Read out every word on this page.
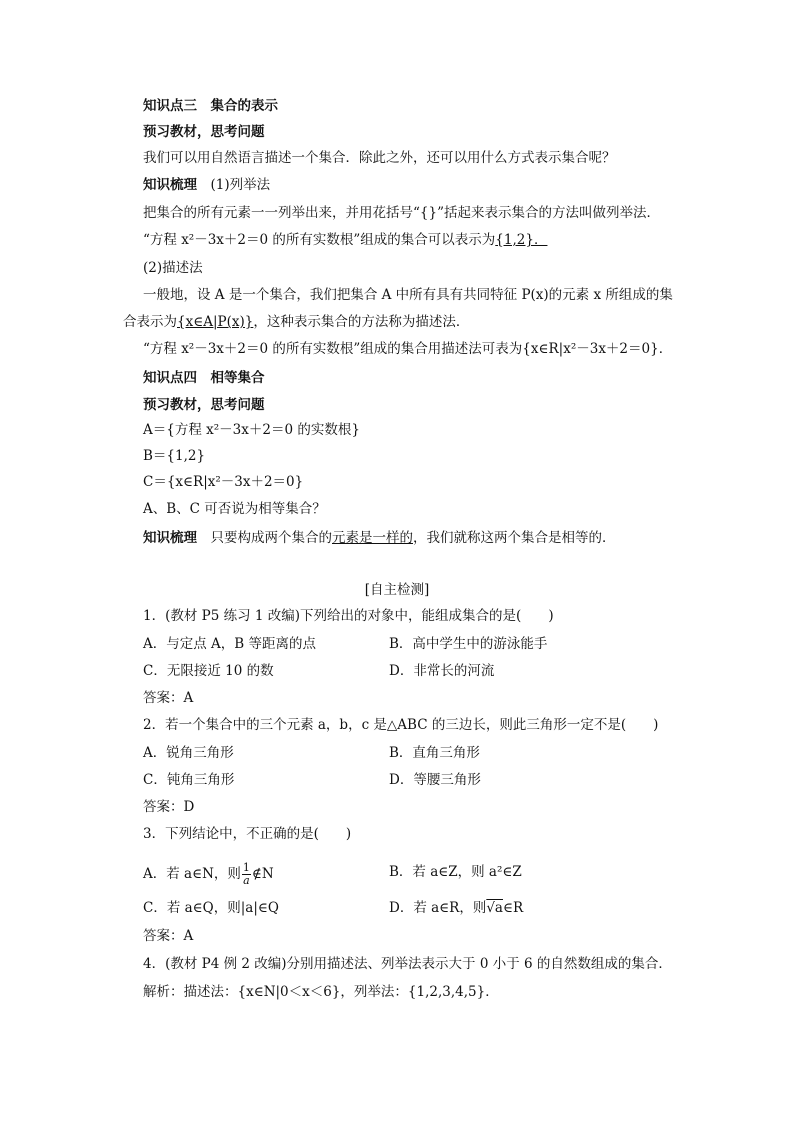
知识点三　集合的表示
预习教材，思考问题
我们可以用自然语言描述一个集合．除此之外，还可以用什么方式表示集合呢？
知识梳理　 (1)列举法
把集合的所有元素一一列举出来，并用花括号“{}”括起来表示集合的方法叫做列举法．
“方程 x²－3x＋2＝0 的所有实数根”组成的集合可以表示为{1,2}．
(2)描述法
一般地，设 A 是一个集合，我们把集合 A 中所有具有共同特征 P(x)的元素 x 所组成的集
合表示为{x∈A|P(x)}，这种表示集合的方法称为描述法．
“方程 x²－3x＋2＝0 的所有实数根”组成的集合用描述法可表为{x∈R|x²－3x＋2＝0}．
知识点四　相等集合
预习教材，思考问题
A＝{方程 x²－3x＋2＝0 的实数根}
B＝{1,2}
C＝{x∈R|x²－3x＋2＝0}
A、B、C 可否说为相等集合？
知识梳理　 只要构成两个集合的元素是一样的，我们就称这两个集合是相等的．
[自主检测]
1．(教材 P5 练习 1 改编)下列给出的对象中，能组成集合的是(　　)
A．与定点 A，B 等距离的点	B．高中学生中的游泳能手
C．无限接近 10 的数	D．非常长的河流
答案：A
2．若一个集合中的三个元素 a，b，c 是△ABC 的三边长，则此三角形一定不是(　　)
A．锐角三角形	B．直角三角形
C．钝角三角形	D．等腰三角形
答案：D
3．下列结论中，不正确的是(　　)
A．若 a∈N，则 $\frac{1}{a}$ ∉N	B．若 a∈Z，则 a²∈Z
C．若 a∈Q，则|a|∈Q	D．若 a∈R，则√a∈R
答案：A
4．(教材 P4 例 2 改编)分别用描述法、列举法表示大于 0 小于 6 的自然数组成的集合．
解析：描述法：{x∈N|0＜x＜6}，列举法：{1,2,3,4,5}．
